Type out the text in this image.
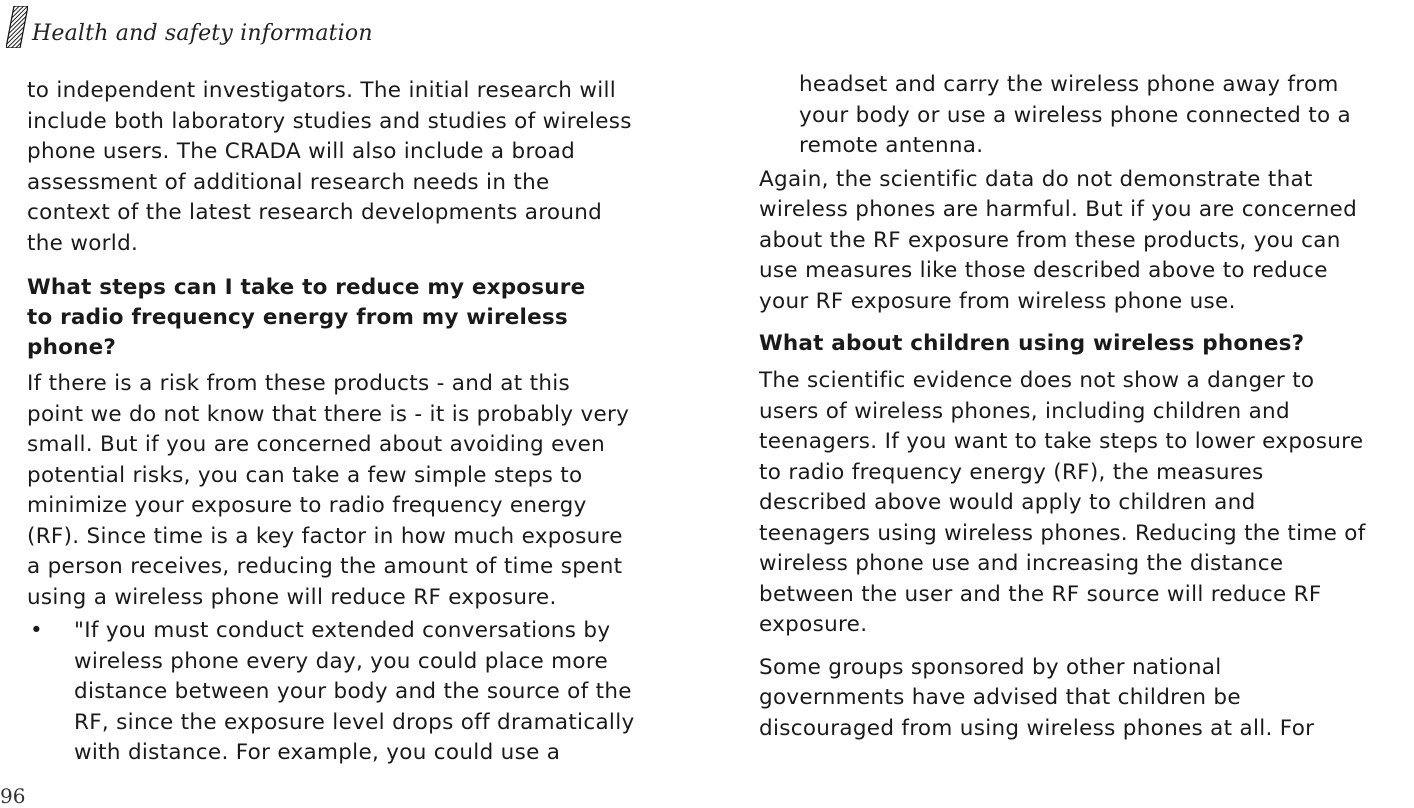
Health and safety information

to independent investigators. The initial research will
include both laboratory studies and studies of wireless
phone users. The CRADA will also include a broad
assessment of additional research needs in the
context of the latest research developments around
the world.

What steps can I take to reduce my exposure
to radio frequency energy from my wireless
phone?

If there is a risk from these products - and at this
point we do not know that there is - it is probably very
small. But if you are concerned about avoiding even
potential risks, you can take a few simple steps to
minimize your exposure to radio frequency energy
(RF). Since time is a key factor in how much exposure
a person receives, reducing the amount of time spent
using a wireless phone will reduce RF exposure.

• "If you must conduct extended conversations by
wireless phone every day, you could place more
distance between your body and the source of the
RF, since the exposure level drops off dramatically
with distance. For example, you could use a

headset and carry the wireless phone away from
your body or use a wireless phone connected to a
remote antenna.

Again, the scientific data do not demonstrate that
wireless phones are harmful. But if you are concerned
about the RF exposure from these products, you can
use measures like those described above to reduce
your RF exposure from wireless phone use.

What about children using wireless phones?

The scientific evidence does not show a danger to
users of wireless phones, including children and
teenagers. If you want to take steps to lower exposure
to radio frequency energy (RF), the measures
described above would apply to children and
teenagers using wireless phones. Reducing the time of
wireless phone use and increasing the distance
between the user and the RF source will reduce RF
exposure.

Some groups sponsored by other national
governments have advised that children be
discouraged from using wireless phones at all. For

96
